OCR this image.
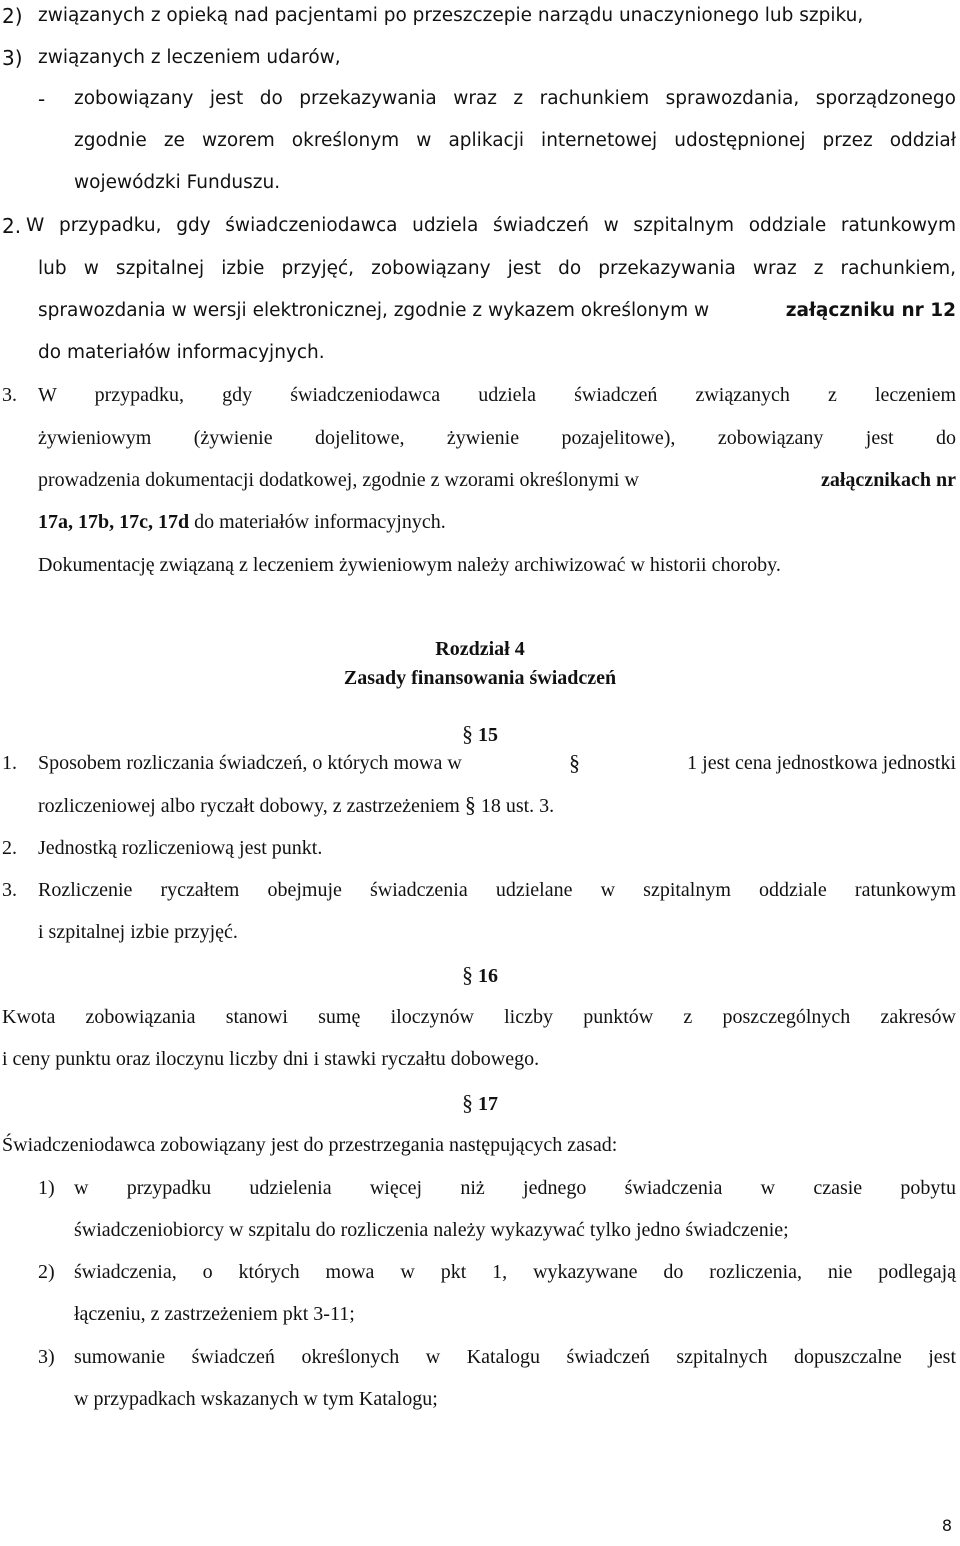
2) związanych z opieką nad pacjentami po przeszczepie narządu unaczynionego lub szpiku,
3) związanych z leczeniem udarów,
- zobowiązany jest do przekazywania wraz z rachunkiem sprawozdania, sporządzonego
zgodnie ze wzorem określonym w aplikacji internetowej udostępnionej przez oddział
wojewódzki Funduszu.
2. W przypadku, gdy świadczeniodawca udziela świadczeń w szpitalnym oddziale ratunkowym
lub w szpitalnej izbie przyjęć, zobowiązany jest do przekazywania wraz z rachunkiem,
sprawozdania w wersji elektronicznej, zgodnie z wykazem określonym w	załączniku nr 12
do materiałów informacyjnych.
3. W przypadku, gdy świadczeniodawca udziela świadczeń związanych z leczeniem
żywieniowym (żywienie dojelitowe, żywienie pozajelitowe), zobowiązany jest do
prowadzenia dokumentacji dodatkowej, zgodnie z wzorami określonymi w	załącznikach nr
17a, 17b, 17c, 17d do materiałów informacyjnych.
Dokumentację związaną z leczeniem żywieniowym należy archiwizować w historii choroby.
Rozdział 4
Zasady finansowania świadczeń
§ 15
1. Sposobem rozliczania świadczeń, o których mowa w	§	1 jest cena jednostkowa jednostki
rozliczeniowej albo ryczałt dobowy, z zastrzeżeniem § 18 ust. 3.
2. Jednostką rozliczeniową jest punkt.
3. Rozliczenie ryczałtem obejmuje świadczenia udzielane w szpitalnym oddziale ratunkowym
i szpitalnej izbie przyjęć.
§ 16
Kwota zobowiązania stanowi sumę iloczynów liczby punktów z poszczególnych zakresów
i ceny punktu oraz iloczynu liczby dni i stawki ryczałtu dobowego.
§ 17
Świadczeniodawca zobowiązany jest do przestrzegania następujących zasad:
1) w przypadku udzielenia więcej niż jednego świadczenia w czasie pobytu
świadczeniobiorcy w szpitalu do rozliczenia należy wykazywać tylko jedno świadczenie;
2) świadczenia, o których mowa w pkt 1, wykazywane do rozliczenia, nie podlegają
łączeniu, z zastrzeżeniem pkt 3-11;
3) sumowanie świadczeń określonych w Katalogu świadczeń szpitalnych dopuszczalne jest
w przypadkach wskazanych w tym Katalogu;
8
